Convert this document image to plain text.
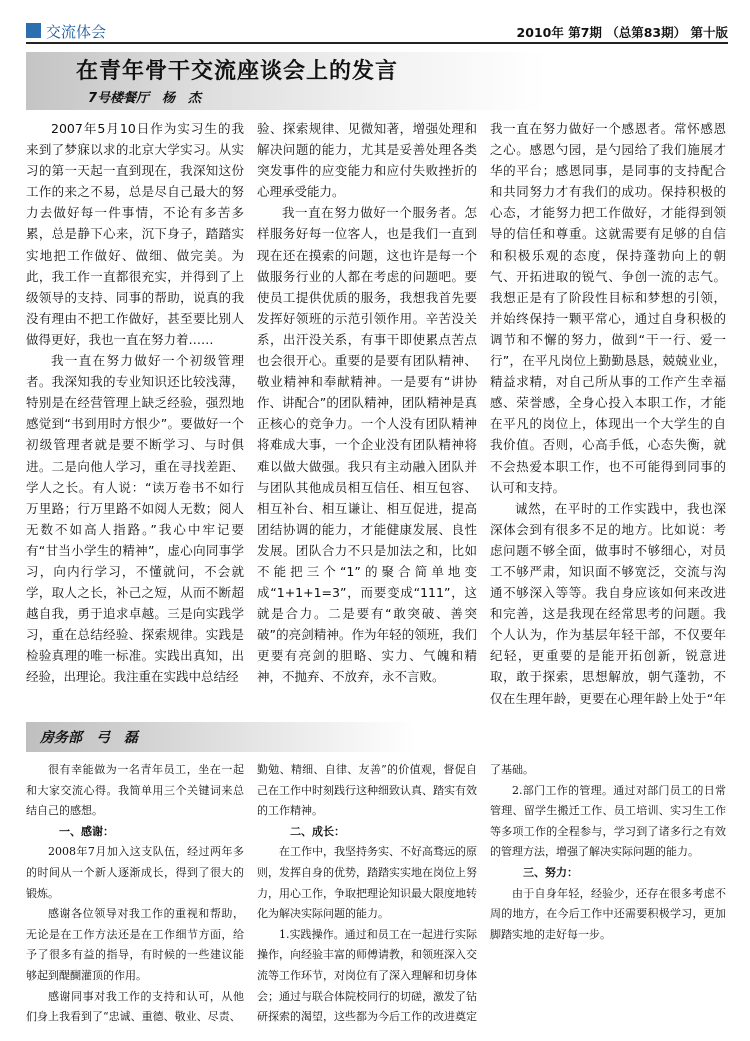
交流体会	2010年 第7期 （总第83期） 第十版
在青年骨干交流座谈会上的发言
7号楼餐厅　杨　杰

2007年5月10日作为实习生的我来到了梦寐以求的北京大学实习。从实习的第一天起一直到现在，我深知这份工作的来之不易，总是尽自己最大的努力去做好每一件事情，不论有多苦多累，总是静下心来，沉下身子，踏踏实实地把工作做好、做细、做完美。为此，我工作一直都很充实，并得到了上级领导的支持、同事的帮助，说真的我没有理由不把工作做好，甚至要比别人做得更好，我也一直在努力着……

我一直在努力做好一个初级管理者。我深知我的专业知识还比较浅薄，特别是在经营管理上缺乏经验，强烈地感觉到“书到用时方恨少”。要做好一个初级管理者就是要不断学习、与时俱进。二是向他人学习，重在寻找差距、学人之长。有人说：“读万卷书不如行万里路；行万里路不如阅人无数；阅人无数不如高人指路。”我心中牢记要有“甘当小学生的精神”，虚心向同事学习，向内行学习，不懂就问，不会就学，取人之长，补己之短，从而不断超越自我，勇于追求卓越。三是向实践学习，重在总结经验、探索规律。实践是检验真理的唯一标准。实践出真知，出经验，出理论。我注重在实践中总结经

验、探索规律、见微知著，增强处理和解决问题的能力，尤其是妥善处理各类突发事件的应变能力和应付失败挫折的心理承受能力。

我一直在努力做好一个服务者。怎样服务好每一位客人，也是我们一直到现在还在摸索的问题，这也许是每一个做服务行业的人都在考虑的问题吧。要使员工提供优质的服务，我想我首先要发挥好领班的示范引领作用。辛苦没关系，出汗没关系，有事干即使累点苦点也会很开心。重要的是要有团队精神、敬业精神和奉献精神。一是要有“讲协作、讲配合”的团队精神，团队精神是真正核心的竞争力。一个人没有团队精神将难成大事，一个企业没有团队精神将难以做大做强。我只有主动融入团队并与团队其他成员相互信任、相互包容、相互补台、相互谦让、相互促进，提高团结协调的能力，才能健康发展、良性发展。团队合力不只是加法之和，比如不能把三个“1”的聚合简单地变成“1+1+1=3”，而要变成“111”，这就是合力。二是要有“敢突破、善突破”的亮剑精神。作为年轻的领班，我们更要有亮剑的胆略、实力、气魄和精神，不抛弃、不放弃，永不言败。

我一直在努力做好一个感恩者。常怀感恩之心。感恩勺园，是勺园给了我们施展才华的平台；感恩同事，是同事的支持配合和共同努力才有我们的成功。保持积极的心态，才能努力把工作做好，才能得到领导的信任和尊重。这就需要有足够的自信和积极乐观的态度，保持蓬勃向上的朝气、开拓进取的锐气、争创一流的志气。我想正是有了阶段性目标和梦想的引领，并始终保持一颗平常心，通过自身积极的调节和不懈的努力，做到“干一行、爱一行”，在平凡岗位上勤勤恳恳，兢兢业业，精益求精，对自己所从事的工作产生幸福感、荣誉感，全身心投入本职工作，才能在平凡的岗位上，体现出一个大学生的自我价值。否则，心高手低，心态失衡，就不会热爱本职工作，也不可能得到同事的认可和支持。

诚然，在平时的工作实践中，我也深深体会到有很多不足的地方。比如说：考虑问题不够全面，做事时不够细心，对员工不够严肃，知识面不够宽泛，交流与沟通不够深入等等。我自身应该如何来改进和完善，这是我现在经常思考的问题。我个人认为，作为基层年轻干部，不仅要年纪轻，更重要的是能开拓创新，锐意进取，敢于探索，思想解放，朝气蓬勃，不仅在生理年龄，更要在心理年龄上处于“年

房务部　弓　磊

很有幸能做为一名青年员工，坐在一起和大家交流心得。我简单用三个关键词来总结自己的感想。

一、感谢：

2008年7月加入这支队伍，经过两年多的时间从一个新人逐渐成长，得到了很大的锻炼。

感谢各位领导对我工作的重视和帮助，无论是在工作方法还是在工作细节方面，给予了很多有益的指导，有时候的一些建议能够起到醍醐灌顶的作用。

感谢同事对我工作的支持和认可，从他们身上我看到了“忠诚、重德、敬业、尽责、

勤勉、精细、自律、友善”的价值观，督促自己在工作中时刻践行这种细致认真、踏实有效的工作精神。

二、成长：

在工作中，我坚持务实、不好高骛远的原则，发挥自身的优势，踏踏实实地在岗位上努力，用心工作，争取把理论知识最大限度地转化为解决实际问题的能力。

1.实践操作。通过和员工在一起进行实际操作，向经验丰富的师傅请教，和领班深入交流等工作环节，对岗位有了深入理解和切身体会；通过与联合体院校同行的切磋，激发了钻研探索的渴望，这些都为今后工作的改进奠定

了基础。

2.部门工作的管理。通过对部门员工的日常管理、留学生搬迁工作、员工培训、实习生工作等多项工作的全程参与，学习到了诸多行之有效的管理方法，增强了解决实际问题的能力。

三、努力：

由于自身年轻，经验少，还存在很多考虑不周的地方，在今后工作中还需要积极学习，更加脚踏实地的走好每一步。
